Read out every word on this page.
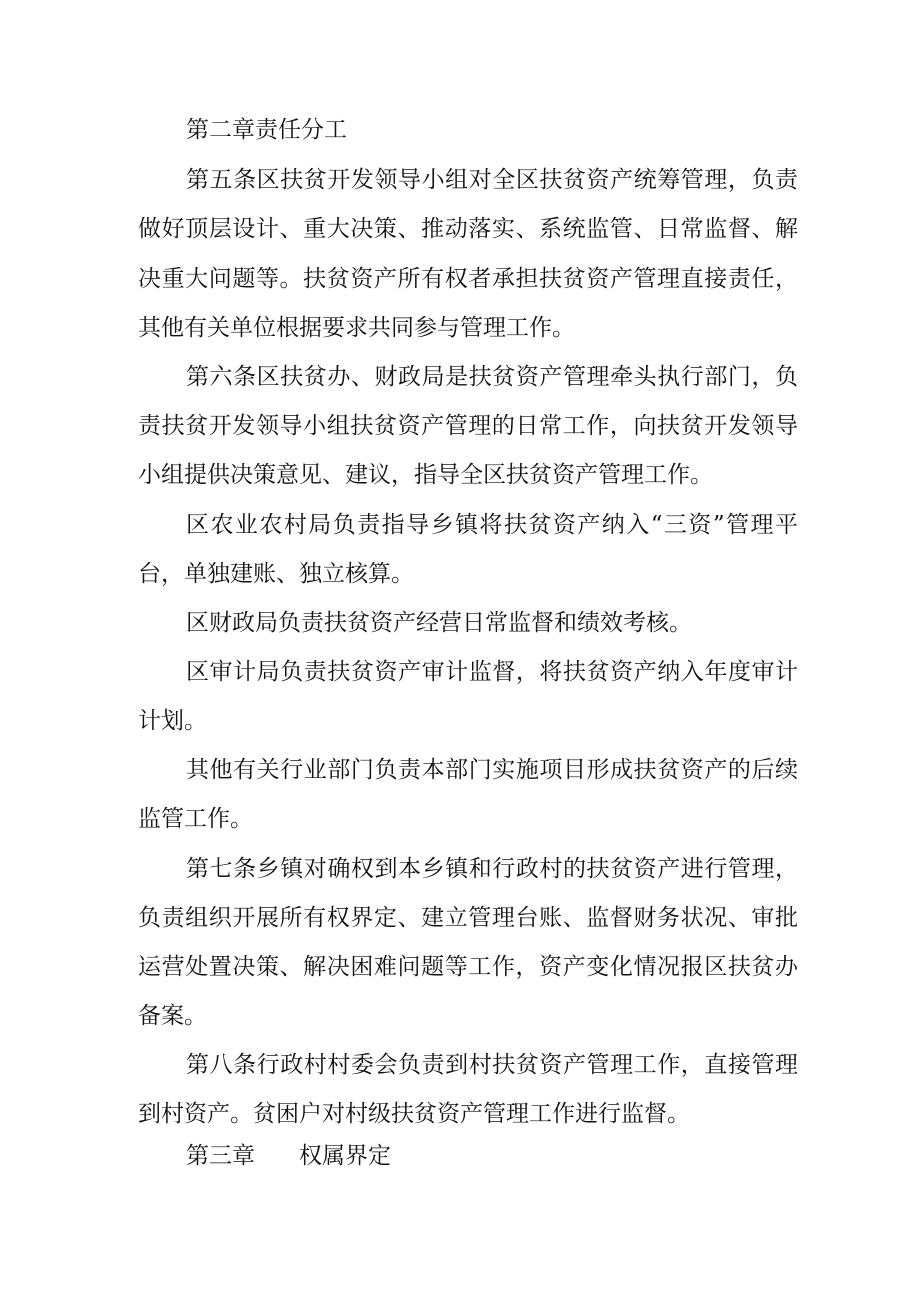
第二章责任分工
第五条区扶贫开发领导小组对全区扶贫资产统筹管理，负责
做好顶层设计、重大决策、推动落实、系统监管、日常监督、解
决重大问题等。扶贫资产所有权者承担扶贫资产管理直接责任，
其他有关单位根据要求共同参与管理工作。
第六条区扶贫办、财政局是扶贫资产管理牵头执行部门，负
责扶贫开发领导小组扶贫资产管理的日常工作，向扶贫开发领导
小组提供决策意见、建议，指导全区扶贫资产管理工作。
区农业农村局负责指导乡镇将扶贫资产纳入“三资”管理平
台，单独建账、独立核算。
区财政局负责扶贫资产经营日常监督和绩效考核。
区审计局负责扶贫资产审计监督，将扶贫资产纳入年度审计
计划。
其他有关行业部门负责本部门实施项目形成扶贫资产的后续
监管工作。
第七条乡镇对确权到本乡镇和行政村的扶贫资产进行管理，
负责组织开展所有权界定、建立管理台账、监督财务状况、审批
运营处置决策、解决困难问题等工作，资产变化情况报区扶贫办
备案。
第八条行政村村委会负责到村扶贫资产管理工作，直接管理
到村资产。贫困户对村级扶贫资产管理工作进行监督。
第三章 权属界定
